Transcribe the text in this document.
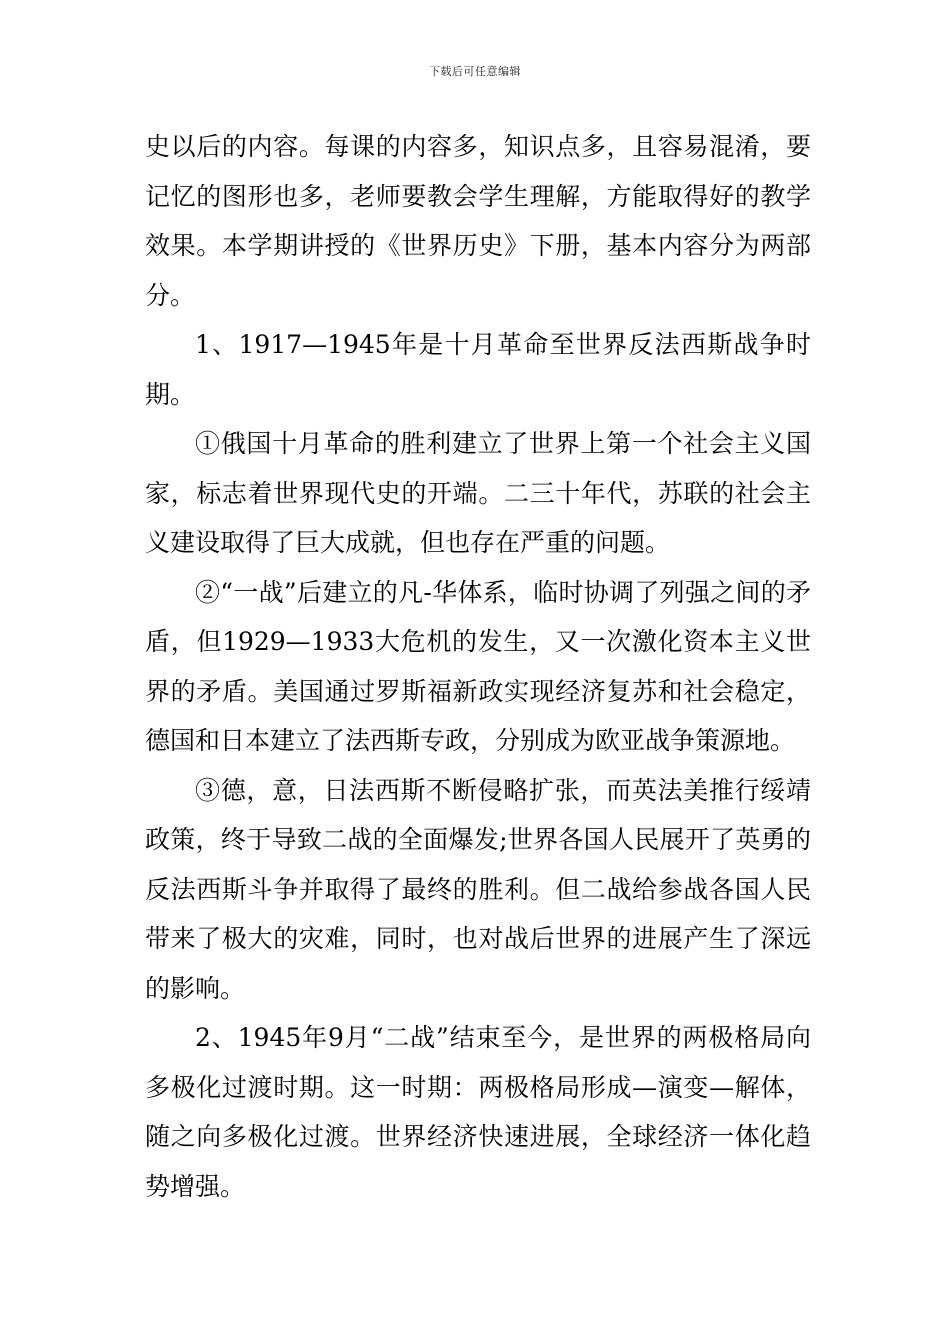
下载后可任意编辑

史以后的内容。每课的内容多，知识点多，且容易混淆，要记忆的图形也多，老师要教会学生理解，方能取得好的教学效果。本学期讲授的《世界历史》下册，基本内容分为两部分。

1、1917—1945年是十月革命至世界反法西斯战争时期。

①俄国十月革命的胜利建立了世界上第一个社会主义国家，标志着世界现代史的开端。二三十年代，苏联的社会主义建设取得了巨大成就，但也存在严重的问题。

②“一战”后建立的凡-华体系，临时协调了列强之间的矛盾，但1929—1933大危机的发生，又一次激化资本主义世界的矛盾。美国通过罗斯福新政实现经济复苏和社会稳定，德国和日本建立了法西斯专政，分别成为欧亚战争策源地。

③德，意，日法西斯不断侵略扩张，而英法美推行绥靖政策，终于导致二战的全面爆发;世界各国人民展开了英勇的反法西斯斗争并取得了最终的胜利。但二战给参战各国人民带来了极大的灾难，同时，也对战后世界的进展产生了深远的影响。

2、1945年9月“二战”结束至今，是世界的两极格局向多极化过渡时期。这一时期：两极格局形成—演变—解体，随之向多极化过渡。世界经济快速进展，全球经济一体化趋势增强。
